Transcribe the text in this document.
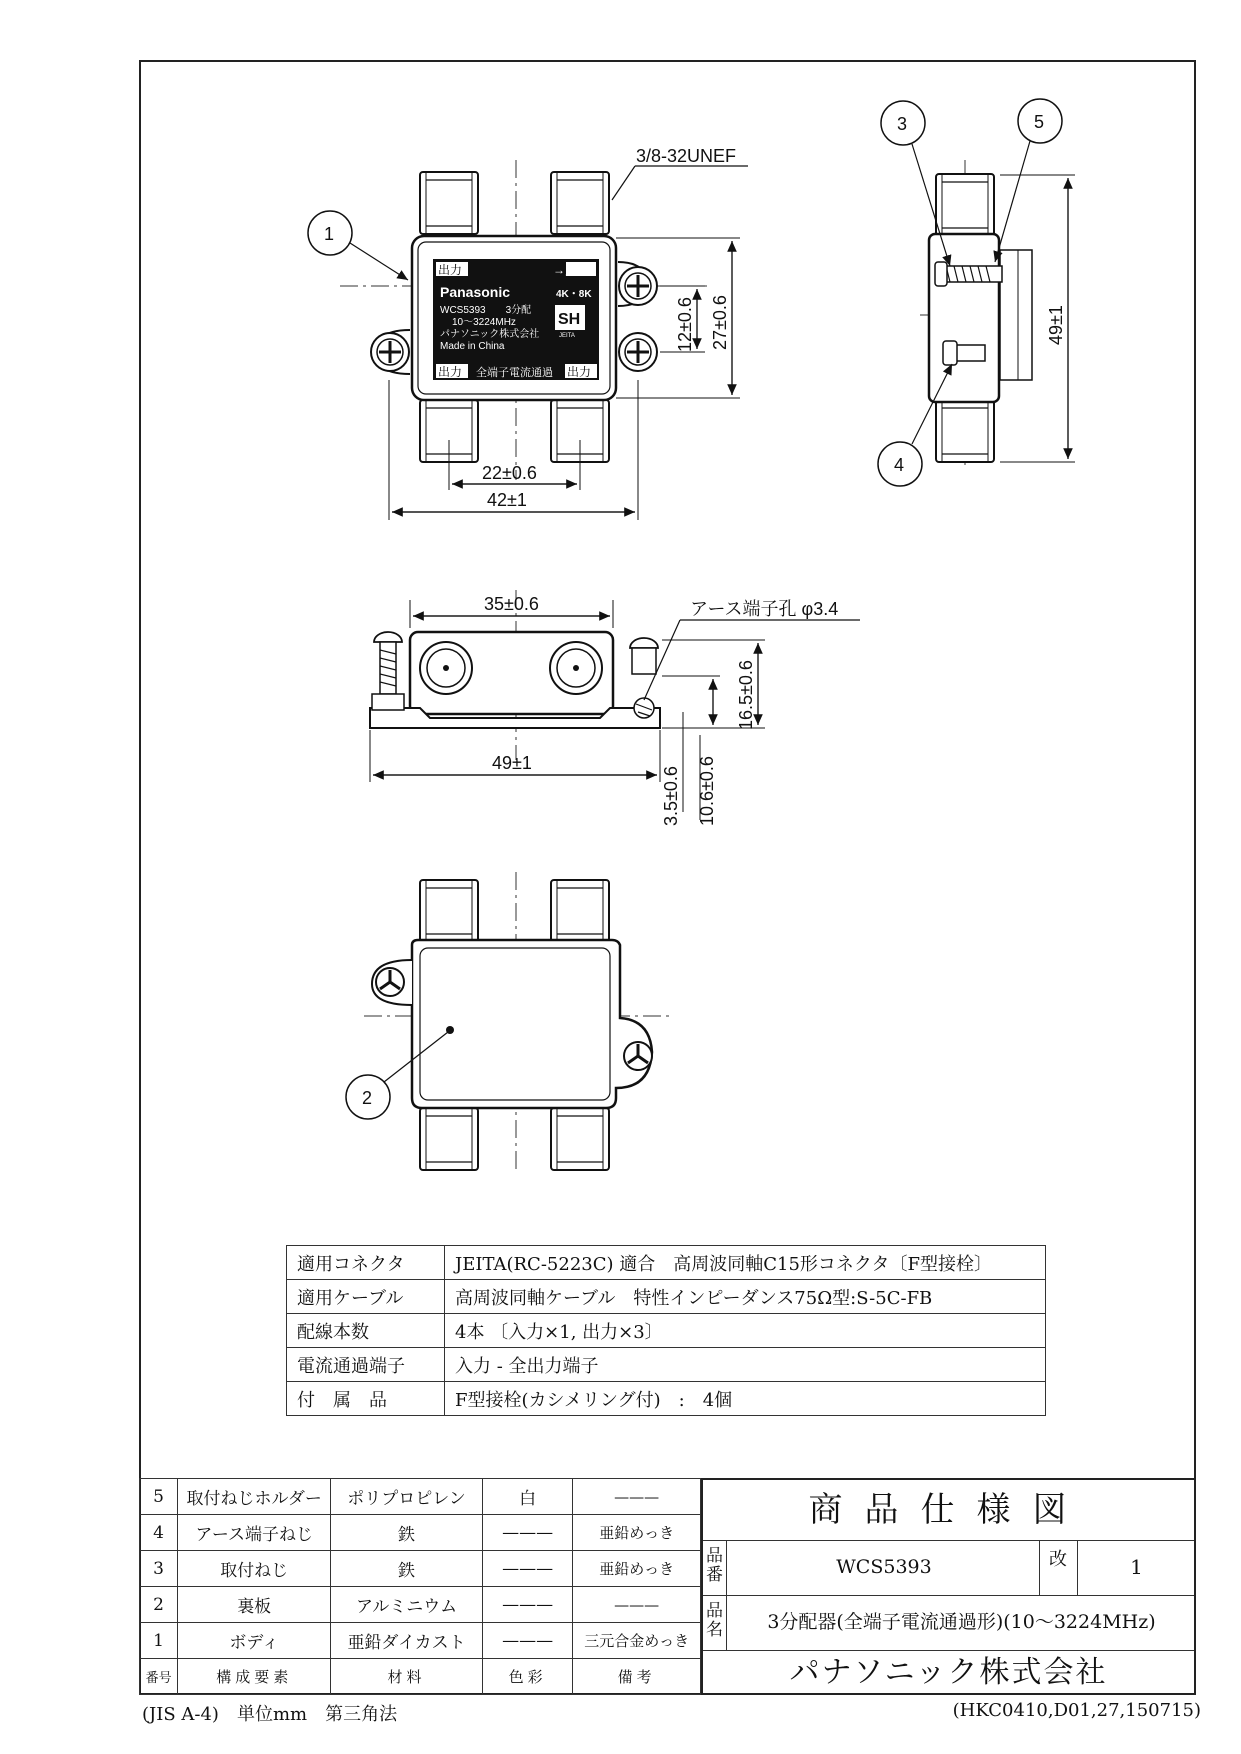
出力	→入力
Panasonic	4K・8K
WCS5393　　3分配
10～3224MHz
パナソニック株式会社
Made in China
SH
JEITA
出力 全端子電流通過 出力
3/8-32UNEF
22±0.6
42±1
12±0.6 27±0.6
1
49±1
3	5
4
35±0.6
49±1
アース端子孔 φ3.4
16.5±0.6
3.5±0.6 10.6±0.6
2
適用コネクタ	JEITA(RC-5223C) 適合　高周波同軸C15形コネクタ〔F型接栓〕
適用ケーブル	高周波同軸ケーブル　特性インピーダンス75Ω型:S-5C-FB
配線本数	4本 〔入力×1, 出力×3〕
電流通過端子	入力 - 全出力端子
付　属　品	F型接栓(カシメリング付)　:　4個
5	取付ねじホルダー	ポリプロピレン	白	———
4	アース端子ねじ	鉄	———	亜鉛めっき
3	取付ねじ	鉄	———	亜鉛めっき
2	裏板	アルミニウム	———	———
1	ボディ	亜鉛ダイカスト	———	三元合金めっき
番号	構成要素	材料	色彩	備考
商品仕様図
品番	WCS5393	改	1
品名	3分配器(全端子電流通過形)(10～3224MHz)
パナソニック株式会社
(JIS A-4)　単位mm　第三角法	(HKC0410,D01,27,150715)
